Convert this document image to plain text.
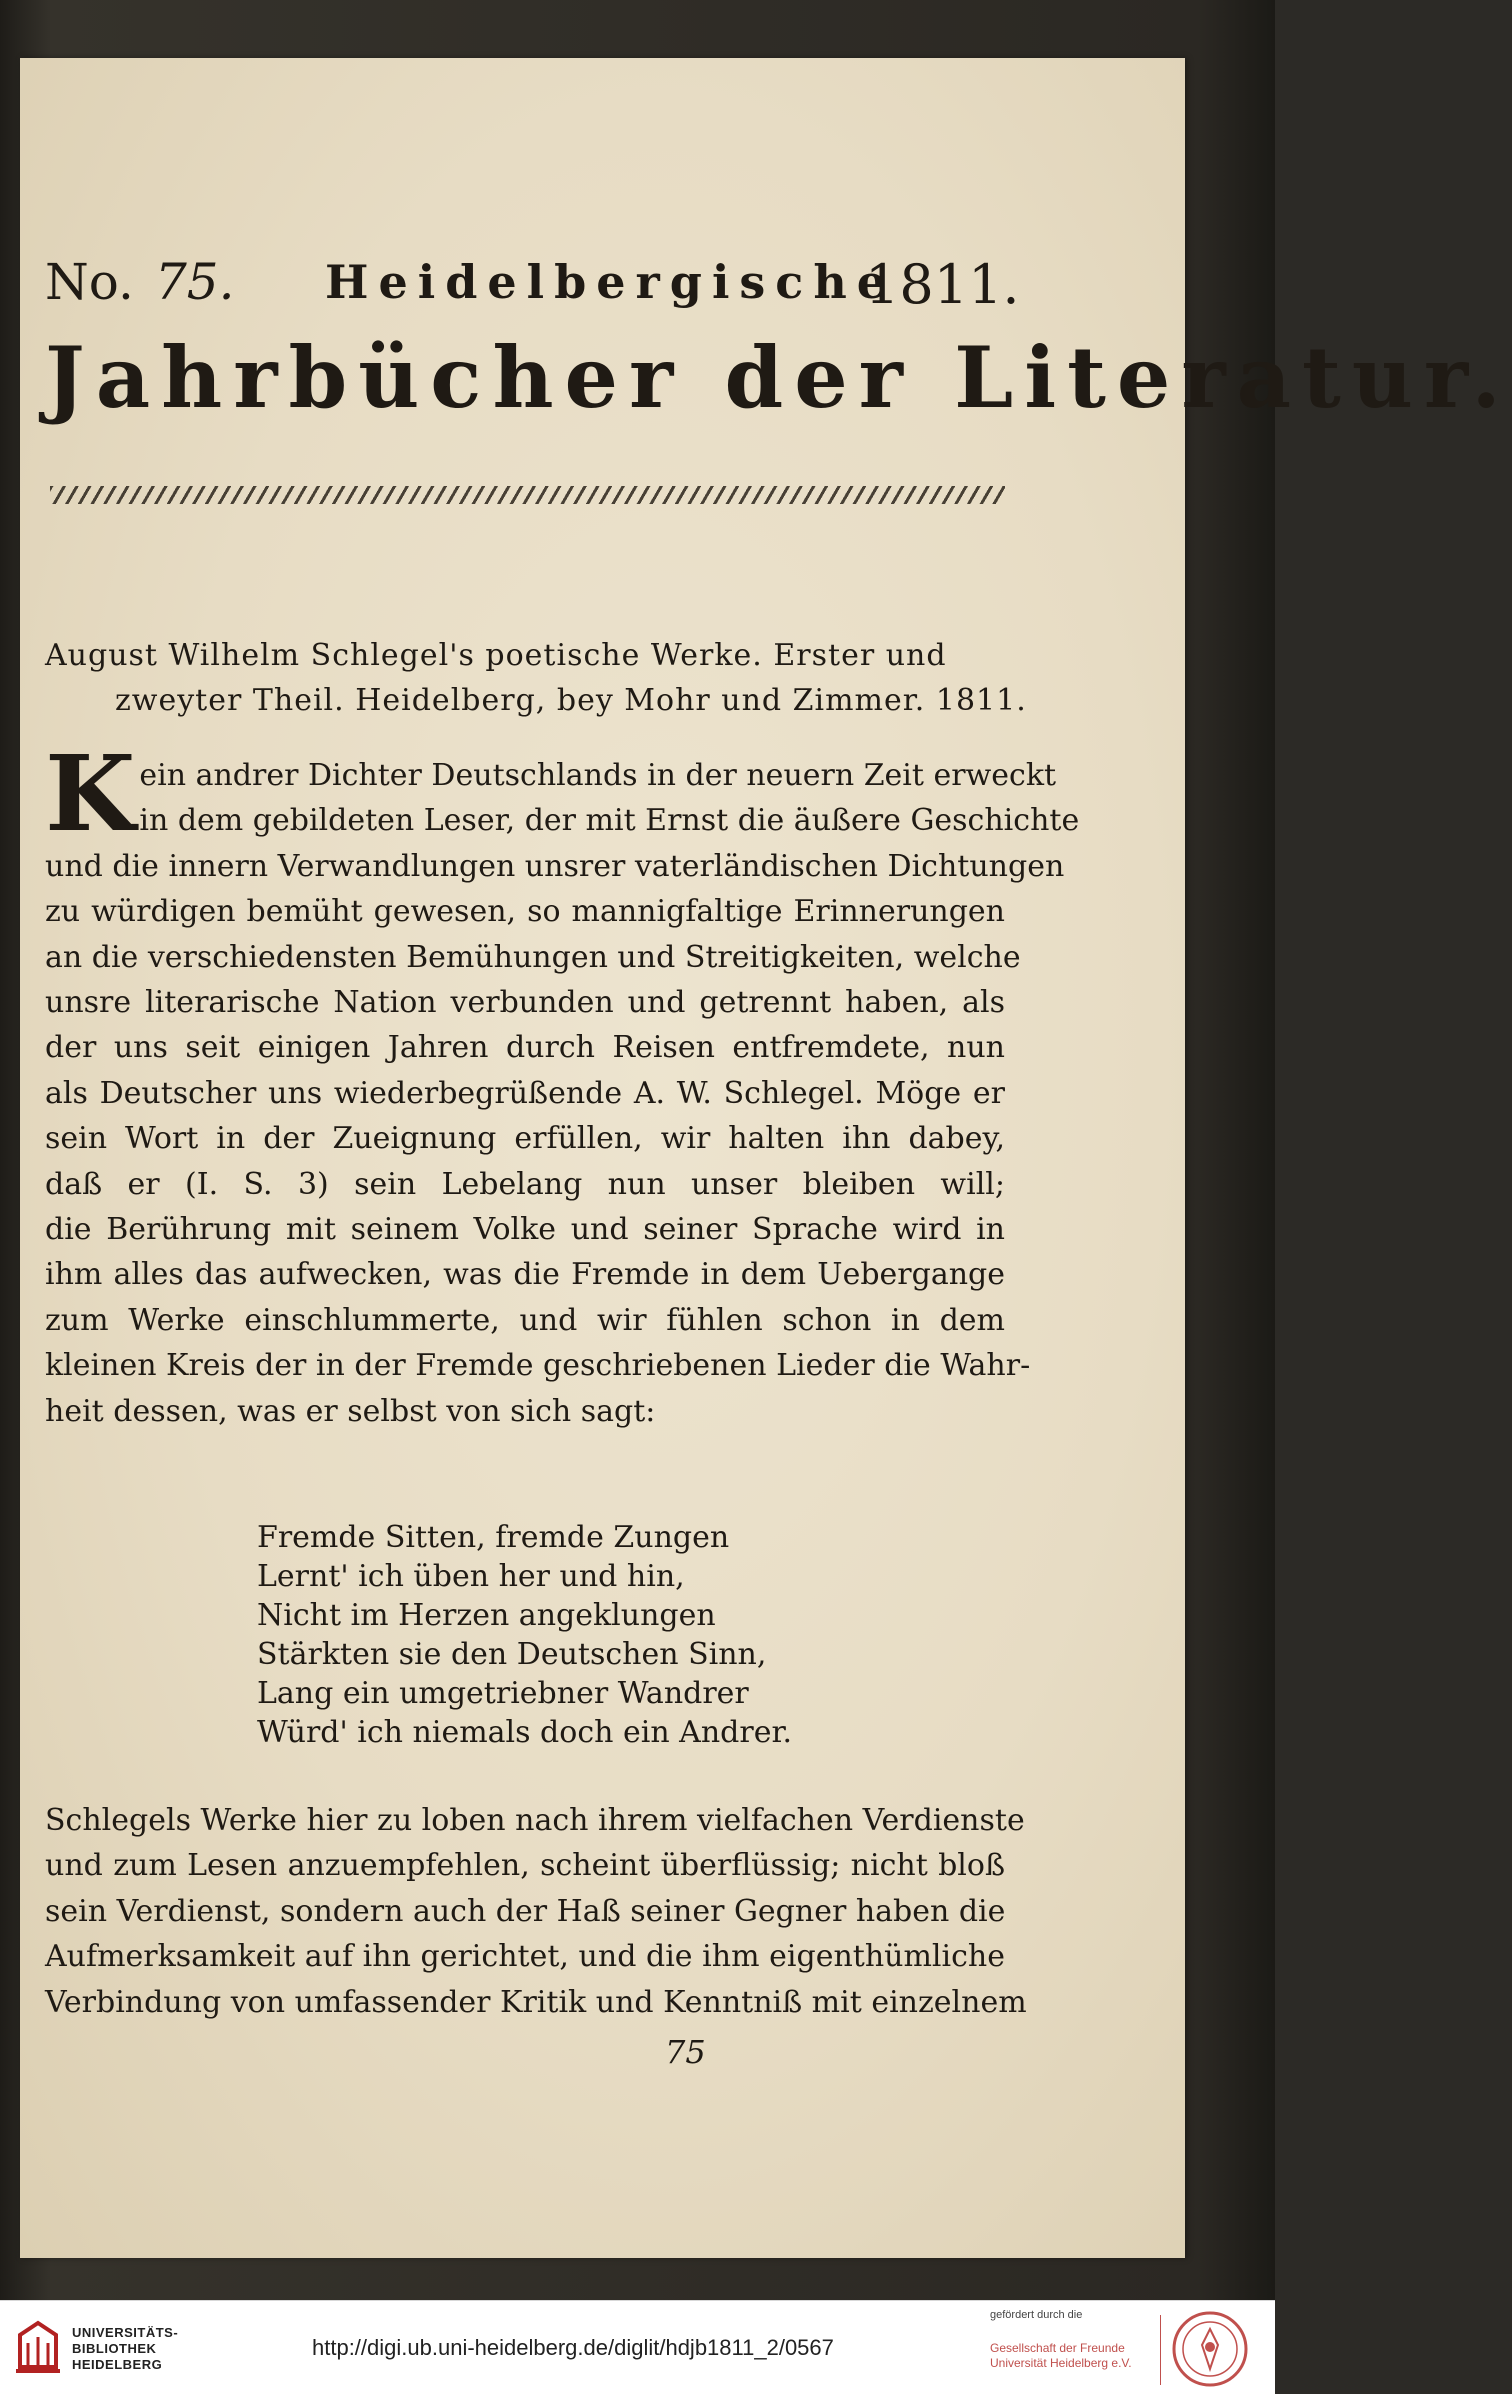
No. 75. Heidelbergische
1811.
Jahrbücher der Literatur.
August Wilhelm Schlegel's poetische Werke. Erster und
zweyter Theil. Heidelberg, bey Mohr und Zimmer. 1811.
K ein andrer Dichter Deutschlands in der neuern Zeit erweckt
in dem gebildeten Leser, der mit Ernst die äußere Geschichte
und die innern Verwandlungen unsrer vaterländischen Dichtungen
zu würdigen bemüht gewesen, so mannigfaltige Erinnerungen
an die verschiedensten Bemühungen und Streitigkeiten, welche
unsre literarische Nation verbunden und getrennt haben, als
der uns seit einigen Jahren durch Reisen entfremdete, nun
als Deutscher uns wiederbegrüßende A. W. Schlegel. Möge er
sein Wort in der Zueignung erfüllen, wir halten ihn dabey,
daß er (I. S. 3) sein Lebelang nun unser bleiben will;
die Berührung mit seinem Volke und seiner Sprache wird in
ihm alles das aufwecken, was die Fremde in dem Uebergange
zum Werke einschlummerte, und wir fühlen schon in dem
kleinen Kreis der in der Fremde geschriebenen Lieder die Wahr-
heit dessen, was er selbst von sich sagt:
Fremde Sitten, fremde Zungen
Lernt' ich üben her und hin,
Nicht im Herzen angeklungen
Stärkten sie den Deutschen Sinn,
Lang ein umgetriebner Wandrer
Würd' ich niemals doch ein Andrer.
Schlegels Werke hier zu loben nach ihrem vielfachen Verdienste
und zum Lesen anzuempfehlen, scheint überflüssig; nicht bloß
sein Verdienst, sondern auch der Haß seiner Gegner haben die
Aufmerksamkeit auf ihn gerichtet, und die ihm eigenthümliche
Verbindung von umfassender Kritik und Kenntniß mit einzelnem
75
UNIVERSITÄTS-
BIBLIOTHEK
HEIDELBERG
http://digi.ub.uni-heidelberg.de/diglit/hdjb1811_2/0567
gefördert durch die
Gesellschaft der Freunde
Universität Heidelberg e.V.
